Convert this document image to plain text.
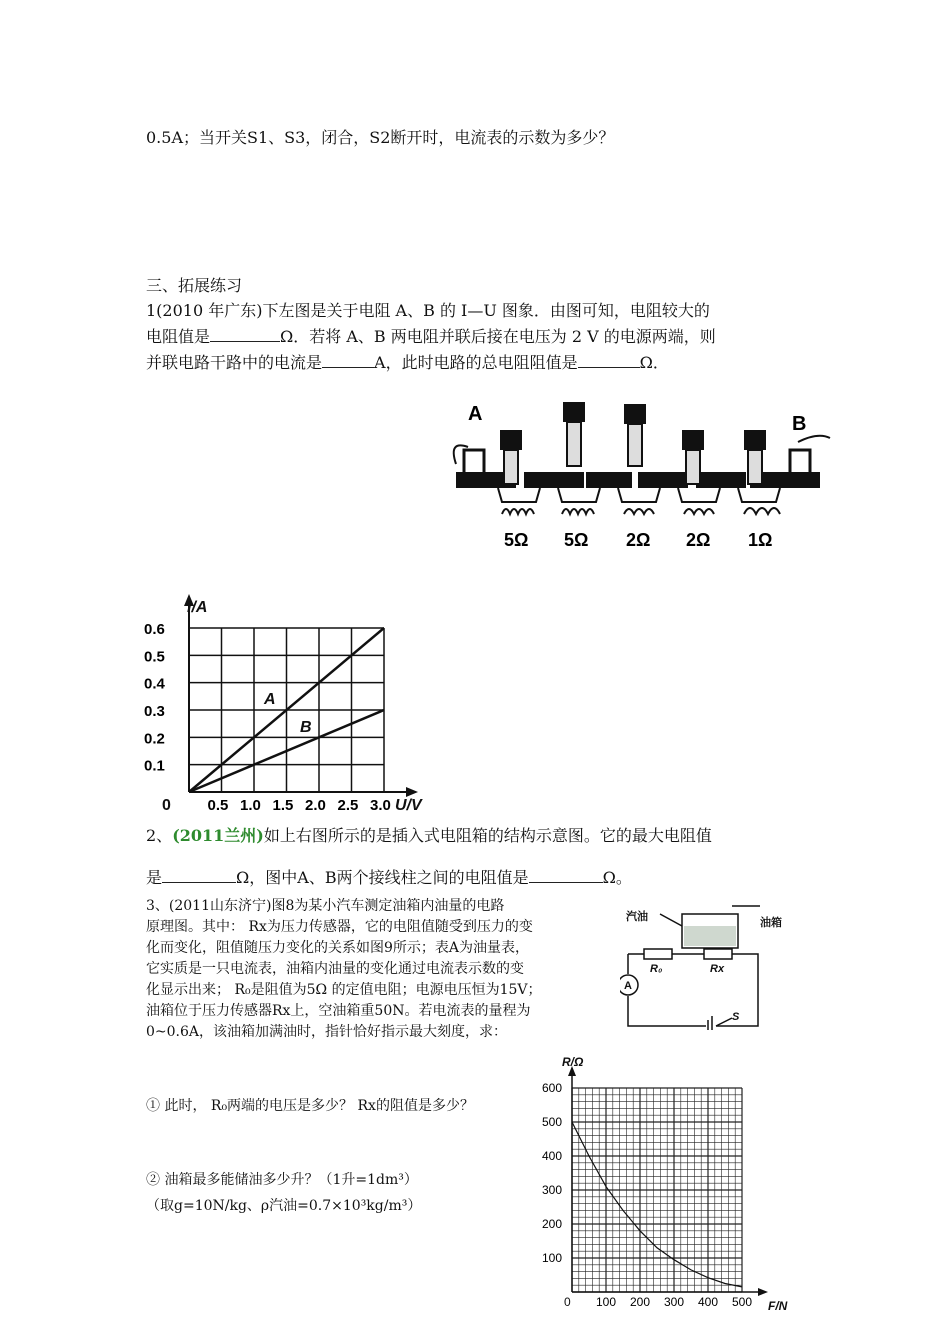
0.5A；当开关S1、S3，闭合，S2断开时，电流表的示数为多少？
三、拓展练习
1(2010 年广东)下左图是关于电阻 A、B 的 I—U 图象．由图可知，电阻较大的
电阻值是	Ω．若将 A、B 两电阻并联后接在电压为 2 V 的电源两端，则
并联电路干路中的电流是	A，此时电路的总电阻阻值是	Ω．
A	B
5Ω 5Ω 2Ω 2Ω 1Ω
I/A
U/V
0
A
B
0.1
0.2
0.3
0.4
0.5
0.6
0.5 1.0 1.5 2.0 2.5 3.0
2、(2011兰州)如上右图所示的是插入式电阻箱的结构示意图。它的最大电阻值
是	Ω，图中A、B两个接线柱之间的电阻值是	Ω。
3、(2011山东济宁)图8为某小汽车测定油箱内油量的电路
原理图。其中： Rx为压力传感器，它的电阻值随受到压力的变
化而变化，阻值随压力变化的关系如图9所示；表A为油量表，
它实质是一只电流表，油箱内油量的变化通过电流表示数的变
化显示出来； R₀是阻值为5Ω 的定值电阻；电源电压恒为15V；
油箱位于压力传感器Rx上，空油箱重50N。若电流表的量程为
0~0.6A，该油箱加满油时，指针恰好指示最大刻度，求：
① 此时， R₀两端的电压是多少？ Rx的阻值是多少？
② 油箱最多能储油多少升？（1升=1dm³）
（取g=10N/kg、ρ汽油=0.7×10³kg/m³）
汽油	油箱
R₀	Rx
A
S
R/Ω
F/N
0
100
200
300
400
500
600
100 200 300 400 500
